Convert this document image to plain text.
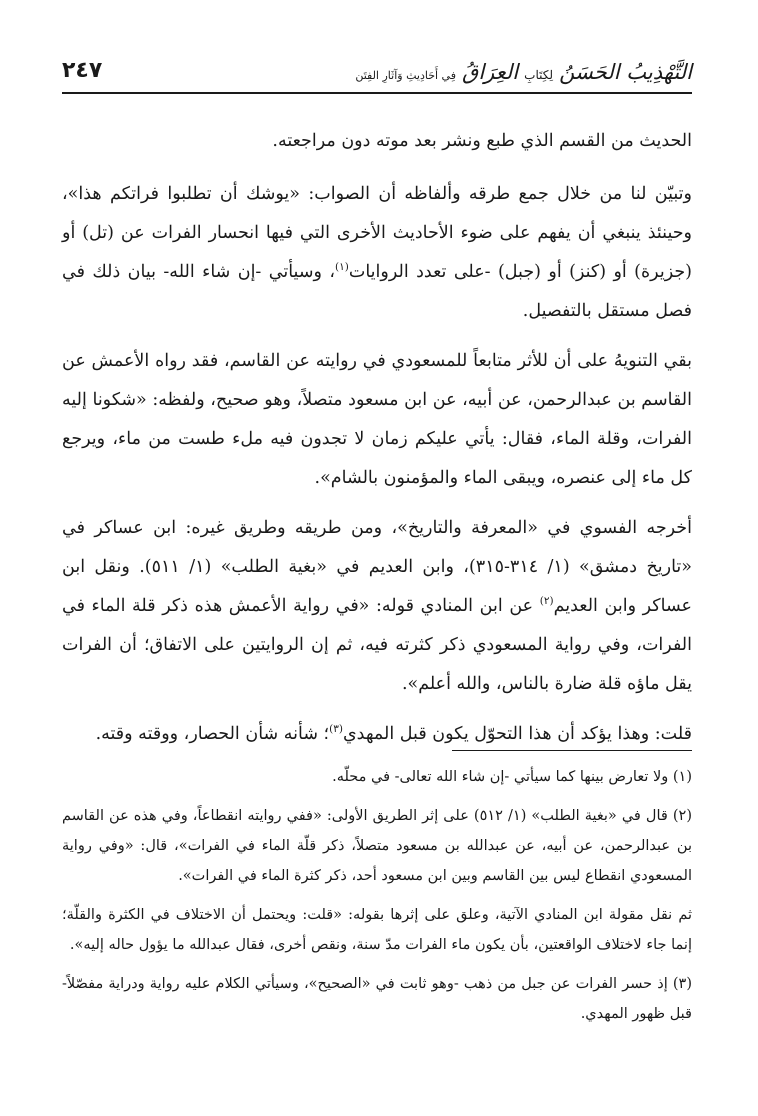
٢٤٧	التَّهْذِيبُ الحَسَنُ لِكِتَابِ العِرَاقُ فِي أَحَادِيثِ وَآثَارِ الفِتَن

الحديث من القسم الذي طبع ونشر بعد موته دون مراجعته.

وتبيّن لنا من خلال جمع طرقه وألفاظه أن الصواب: «يوشك أن تطلبوا فراتكم هذا»، وحينئذ ينبغي أن يفهم على ضوء الأحاديث الأخرى التي فيها انحسار الفرات عن (تل) أو (جزيرة) أو (كنز) أو (جبل) -على تعدد الروايات$^{(١)}$، وسيأتي -إن شاء الله- بيان ذلك في فصل مستقل بالتفصيل.

بقي التنويهُ على أن للأثر متابعاً للمسعودي في روايته عن القاسم، فقد رواه الأعمش عن القاسم بن عبدالرحمن، عن أبيه، عن ابن مسعود متصلاً، وهو صحيح، ولفظه: «شكونا إليه الفرات، وقلة الماء، فقال: يأتي عليكم زمان لا تجدون فيه ملء طست من ماء، ويرجع كل ماء إلى عنصره، ويبقى الماء والمؤمنون بالشام».

أخرجه الفسوي في «المعرفة والتاريخ»، ومن طريقه وطريق غيره: ابن عساكر في «تاريخ دمشق» (١/ ٣١٤-٣١٥)، وابن العديم في «بغية الطلب» (١/ ٥١١). ونقل ابن عساكر وابن العديم$^{(٢)}$ عن ابن المنادي قوله: «في رواية الأعمش هذه ذكر قلة الماء في الفرات، وفي رواية المسعودي ذكر كثرته فيه، ثم إن الروايتين على الاتفاق؛ أن الفرات يقل ماؤه قلة ضارة بالناس، والله أعلم».

قلت: وهذا يؤكد أن هذا التحوّل يكون قبل المهدي$^{(٣)}$؛ شأنه شأن الحصار، ووقته وقته.

(١) ولا تعارض بينها كما سيأتي -إن شاء الله تعالى- في محلّه.

(٢) قال في «بغية الطلب» (١/ ٥١٢) على إثر الطريق الأولى: «ففي روايته انقطاعاً، وفي هذه عن القاسم بن عبدالرحمن، عن أبيه، عن عبدالله بن مسعود متصلاً، ذكر قلّة الماء في الفرات»، قال: «وفي رواية المسعودي انقطاع ليس بين القاسم وبين ابن مسعود أحد، ذكر كثرة الماء في الفرات».

ثم نقل مقولة ابن المنادي الآتية، وعلق على إثرها بقوله: «قلت: ويحتمل أن الاختلاف في الكثرة والقلّة؛ إنما جاء لاختلاف الواقعتين، بأن يكون ماء الفرات مدّ سنة، ونقص أخرى، فقال عبدالله ما يؤول حاله إليه».

(٣) إذ حسر الفرات عن جبل من ذهب -وهو ثابت في «الصحيح»، وسيأتي الكلام عليه رواية ودراية مفصّلاً- قبل ظهور المهدي.
